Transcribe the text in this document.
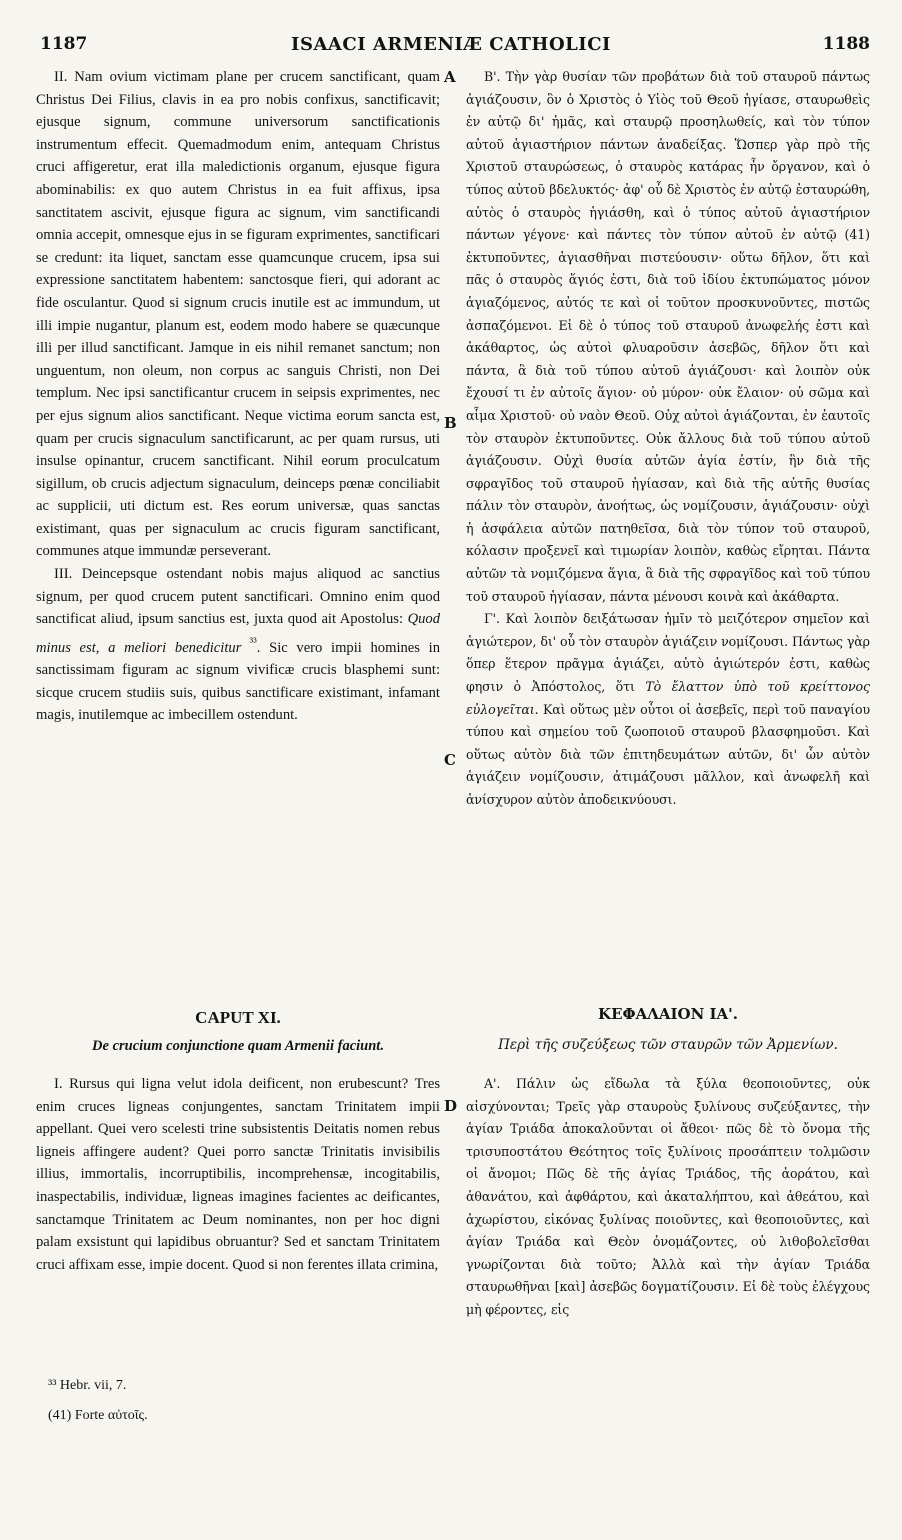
1187	ISAACI ARMENIÆ CATHOLICI	1188
A
B
C
D

II. Nam ovium victimam plane per crucem sanctificant, quam Christus Dei Filius, clavis in ea pro nobis confixus, sanctificavit; ejusque signum, commune universorum sanctificationis instrumentum effecit. Quemadmodum enim, antequam Christus cruci affigeretur, erat illa maledictionis organum, ejusque figura abominabilis: ex quo autem Christus in ea fuit affixus, ipsa sanctitatem ascivit, ejusque figura ac signum, vim sanctificandi omnia accepit, omnesque ejus in se figuram exprimentes, sanctificari se credunt: ita liquet, sanctam esse quamcunque crucem, ipsa sui expressione sanctitatem habentem: sanctosque fieri, qui adorant ac fide osculantur. Quod si signum crucis inutile est ac immundum, ut illi impie nugantur, planum est, eodem modo habere se quæcunque illi per illud sanctificant. Jamque in eis nihil remanet sanctum; non unguentum, non oleum, non corpus ac sanguis Christi, non Dei templum. Nec ipsi sanctificantur crucem in seipsis exprimentes, nec per ejus signum alios sanctificant. Neque victima eorum sancta est, quam per crucis signaculum sanctificarunt, ac per quam rursus, uti insulse opinantur, crucem sanctificant. Nihil eorum proculcatum sigillum, ob crucis adjectum signaculum, deinceps pœnæ conciliabit ac supplicii, uti dictum est. Res eorum universæ, quas sanctas existimant, quas per signaculum ac crucis figuram sanctificant, communes atque immundæ perseverant.

III. Deincepsque ostendant nobis majus aliquod ac sanctius signum, per quod crucem putent sanctificari. Omnino enim quod sanctificat aliud, ipsum sanctius est, juxta quod ait Apostolus: Quod minus est, a meliori benedicitur $^{^{33}}$. Sic vero impii homines in sanctissimam figuram ac signum vivificæ crucis blasphemi sunt: sicque crucem studiis suis, quibus sanctificare existimant, infamant magis, inutilemque ac imbecillem ostendunt.

Β'. Τὴν γὰρ θυσίαν τῶν προβάτων διὰ τοῦ σταυροῦ πάντως ἁγιάζουσιν, ὃν ὁ Χριστὸς ὁ Υἱὸς τοῦ Θεοῦ ἡγίασε, σταυρωθεὶς ἐν αὐτῷ δι' ἡμᾶς, καὶ σταυρῷ προσηλωθείς, καὶ τὸν τύπον αὐτοῦ ἁγιαστήριον πάντων ἀναδείξας. Ὥσπερ γὰρ πρὸ τῆς Χριστοῦ σταυρώσεως, ὁ σταυρὸς κατάρας ἦν ὄργανον, καὶ ὁ τύπος αὐτοῦ βδελυκτός· ἀφ' οὗ δὲ Χριστὸς ἐν αὐτῷ ἐσταυρώθη, αὐτὸς ὁ σταυρὸς ἡγιάσθη, καὶ ὁ τύπος αὐτοῦ ἁγιαστήριον πάντων γέγονε· καὶ πάντες τὸν τύπον αὐτοῦ ἐν αὐτῷ (41) ἐκτυποῦντες, ἁγιασθῆναι πιστεύουσιν· οὕτω δῆλον, ὅτι καὶ πᾶς ὁ σταυρὸς ἅγιός ἐστι, διὰ τοῦ ἰδίου ἐκτυπώματος μόνον ἁγιαζόμενος, αὐτός τε καὶ οἱ τοῦτον προσκυνοῦντες, πιστῶς ἀσπαζόμενοι. Εἰ δὲ ὁ τύπος τοῦ σταυροῦ ἀνωφελής ἐστι καὶ ἀκάθαρτος, ὡς αὐτοὶ φλυαροῦσιν ἀσεβῶς, δῆλον ὅτι καὶ πάντα, ἃ διὰ τοῦ τύπου αὐτοῦ ἁγιάζουσι· καὶ λοιπὸν οὐκ ἔχουσί τι ἐν αὐτοῖς ἅγιον· οὐ μύρον· οὐκ ἔλαιον· οὐ σῶμα καὶ αἷμα Χριστοῦ· οὐ ναὸν Θεοῦ. Οὐχ αὐτοὶ ἁγιάζονται, ἐν ἑαυτοῖς τὸν σταυρὸν ἐκτυποῦντες. Οὐκ ἄλλους διὰ τοῦ τύπου αὐτοῦ ἁγιάζουσιν. Οὐχὶ θυσία αὐτῶν ἁγία ἐστίν, ἣν διὰ τῆς σφραγῖδος τοῦ σταυροῦ ἡγίασαν, καὶ διὰ τῆς αὐτῆς θυσίας πάλιν τὸν σταυρὸν, ἀνοήτως, ὡς νομίζουσιν, ἁγιάζουσιν· οὐχὶ ἡ ἀσφάλεια αὐτῶν πατηθεῖσα, διὰ τὸν τύπον τοῦ σταυροῦ, κόλασιν προξενεῖ καὶ τιμωρίαν λοιπὸν, καθὼς εἴρηται. Πάντα αὐτῶν τὰ νομιζόμενα ἅγια, ἃ διὰ τῆς σφραγῖδος καὶ τοῦ τύπου τοῦ σταυροῦ ἡγίασαν, πάντα μένουσι κοινὰ καὶ ἀκάθαρτα.

Γ'. Καὶ λοιπὸν δειξάτωσαν ἡμῖν τὸ μειζότερον σημεῖον καὶ ἁγιώτερον, δι' οὗ τὸν σταυρὸν ἁγιάζειν νομίζουσι. Πάντως γὰρ ὅπερ ἕτερον πρᾶγμα ἁγιάζει, αὐτὸ ἁγιώτερόν ἐστι, καθὼς φησιν ὁ Ἀπόστολος, ὅτι Τὸ ἔλαττον ὑπὸ τοῦ κρείττονος εὐλογεῖται. Καὶ οὕτως μὲν οὗτοι οἱ ἀσεβεῖς, περὶ τοῦ παναγίου τύπου καὶ σημείου τοῦ ζωοποιοῦ σταυροῦ βλασφημοῦσι. Καὶ οὕτως αὐτὸν διὰ τῶν ἐπιτηδευμάτων αὐτῶν, δι' ὧν αὐτὸν ἁγιάζειν νομίζουσιν, ἀτιμάζουσι μᾶλλον, καὶ ἀνωφελῆ καὶ ἀνίσχυρον αὐτὸν ἀποδεικνύουσι.

CAPUT XI.
De crucium conjunctione quam Armenii faciunt.
ΚΕΦΑΛΑΙΟΝ ΙΑ'.
Περὶ τῆς συζεύξεως τῶν σταυρῶν τῶν Ἀρμενίων.

I. Rursus qui ligna velut idola deificent, non erubescunt? Tres enim cruces ligneas conjungentes, sanctam Trinitatem impii appellant. Quei vero scelesti trine subsistentis Deitatis nomen rebus ligneis affingere audent? Quei porro sanctæ Trinitatis invisibilis illius, immortalis, incorruptibilis, incomprehensæ, incogitabilis, inaspectabilis, individuæ, ligneas imagines facientes ac deificantes, sanctamque Trinitatem ac Deum nominantes, non per hoc digni palam exsistunt qui lapidibus obruantur? Sed et sanctam Trinitatem cruci affixam esse, impie docent. Quod si non ferentes illata crimina,

Α'. Πάλιν ὡς εἴδωλα τὰ ξύλα θεοποιοῦντες, οὐκ αἰσχύνονται; Τρεῖς γὰρ σταυροὺς ξυλίνους συζεύξαντες, τὴν ἁγίαν Τριάδα ἀποκαλοῦνται οἱ ἄθεοι· πῶς δὲ τὸ ὄνομα τῆς τρισυποστάτου Θεότητος τοῖς ξυλίνοις προσάπτειν τολμῶσιν οἱ ἄνομοι; Πῶς δὲ τῆς ἁγίας Τριάδος, τῆς ἀοράτου, καὶ ἀθανάτου, καὶ ἀφθάρτου, καὶ ἀκαταλήπτου, καὶ ἀθεάτου, καὶ ἀχωρίστου, εἰκόνας ξυλίνας ποιοῦντες, καὶ θεοποιοῦντες, καὶ ἁγίαν Τριάδα καὶ Θεὸν ὀνομάζοντες, οὐ λιθοβολεῖσθαι γνωρίζονται διὰ τοῦτο; Ἀλλὰ καὶ τὴν ἁγίαν Τριάδα σταυρωθῆναι [καὶ] ἀσεβῶς δογματίζουσιν. Εἰ δὲ τοὺς ἐλέγχους μὴ φέροντες, εἰς

³³ Hebr. vii, 7.
(41) Forte αὐτοῖς.
